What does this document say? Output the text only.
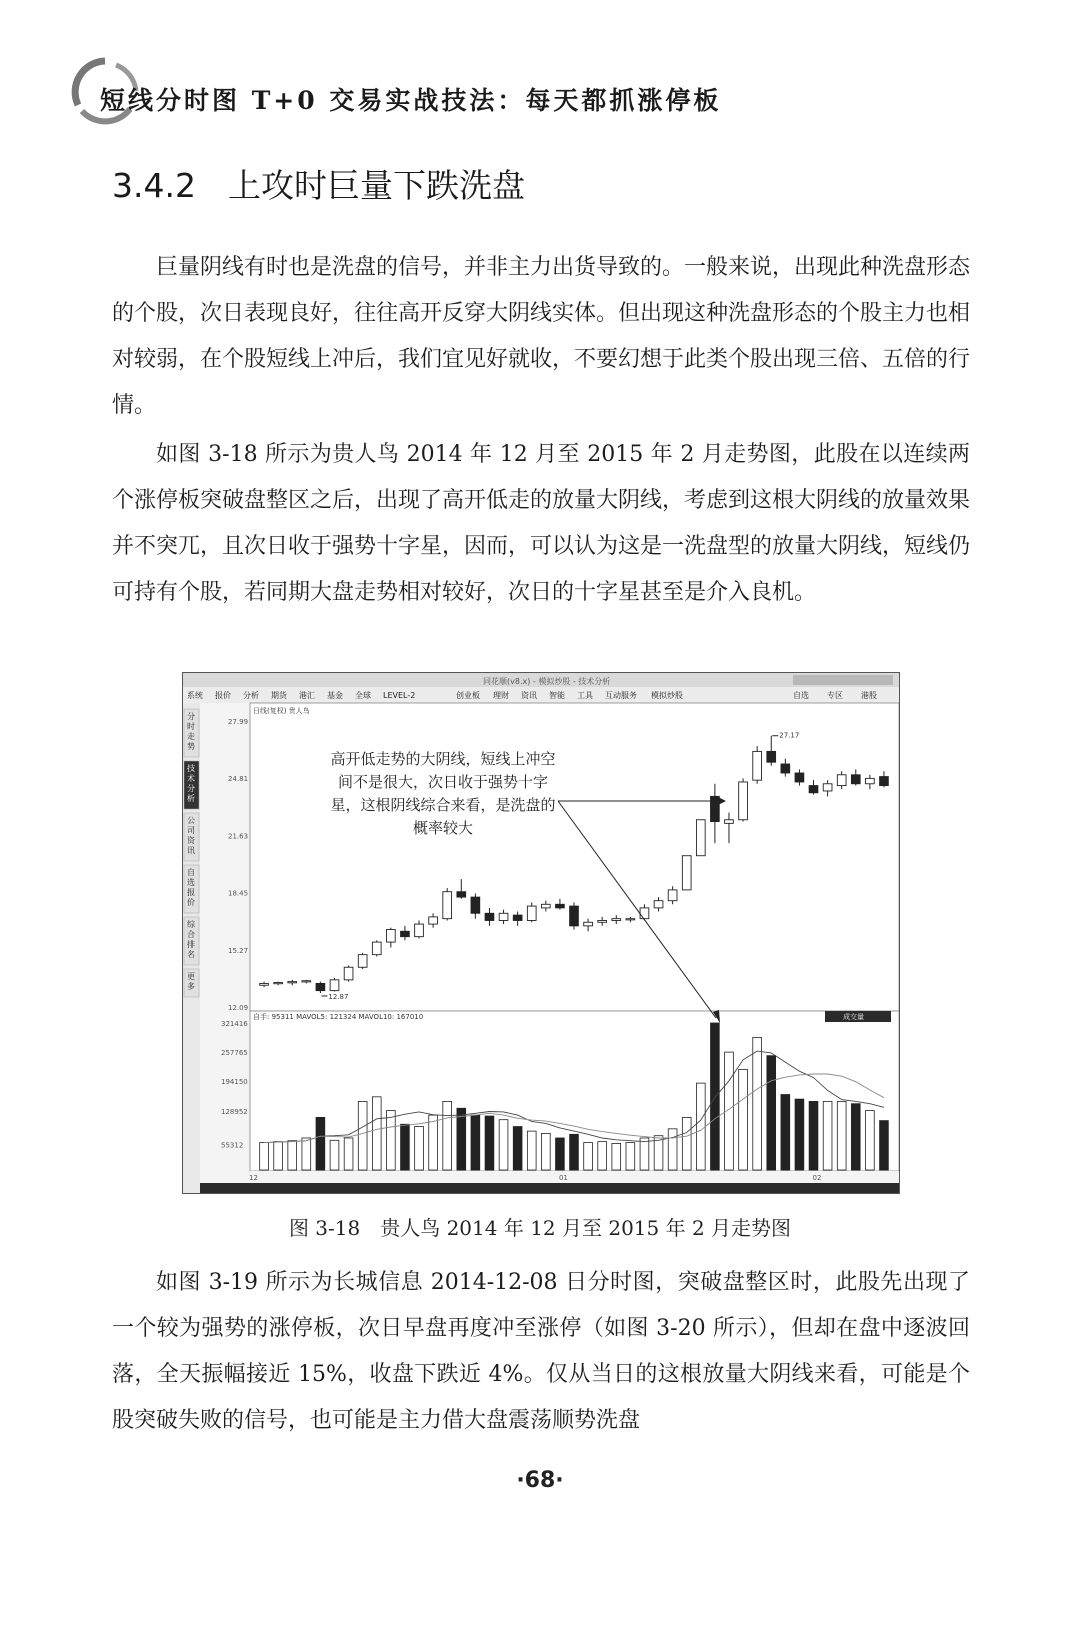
短线分时图 T+0 交易实战技法：每天都抓涨停板
3.4.2 上攻时巨量下跌洗盘

巨量阴线有时也是洗盘的信号，并非主力出货导致的。一般来说，出现此种洗盘形态的个股，次日表现良好，往往高开反穿大阴线实体。但出现这种洗盘形态的个股主力也相对较弱，在个股短线上冲后，我们宜见好就收，不要幻想于此类个股出现三倍、五倍的行情。

如图 3-18 所示为贵人鸟 2014 年 12 月至 2015 年 2 月走势图，此股在以连续两个涨停板突破盘整区之后，出现了高开低走的放量大阴线，考虑到这根大阴线的放量效果并不突兀，且次日收于强势十字星，因而，可以认为这是一洗盘型的放量大阴线，短线仍可持有个股，若同期大盘走势相对较好，次日的十字星甚至是介入良机。

同花顺(v8.x) - 模拟炒股 - 技术分析
系统 报价 分析 期货 港汇 基金 全球 LEVEL-2	创业板 理财 资讯 智能 工具 互动服务 模拟炒股	自选 专区 港股
分
时
走
势
技
术
分
析
公
司
资
讯
自
选
报
价
综
合
排
名
更
多
日线(复权) 贵人鸟
自手: 95311 MAVOL5: 121324 MAVOL10: 167010	成交量
27.99
24.81
21.63
18.45
15.27
12.09
321416
257765
194150
128952
55312
12	01	02
高开低走势的大阴线，短线上冲空间不是很大，次日收于强势十字星，这根阴线综合来看，是洗盘的概率较大
27.17
12.87
图 3-18　贵人鸟 2014 年 12 月至 2015 年 2 月走势图

如图 3-19 所示为长城信息 2014-12-08 日分时图，突破盘整区时，此股先出现了一个较为强势的涨停板，次日早盘再度冲至涨停（如图 3-20 所示），但却在盘中逐波回落，全天振幅接近 15%，收盘下跌近 4%。仅从当日的这根放量大阴线来看，可能是个股突破失败的信号，也可能是主力借大盘震荡顺势洗盘

·68·
